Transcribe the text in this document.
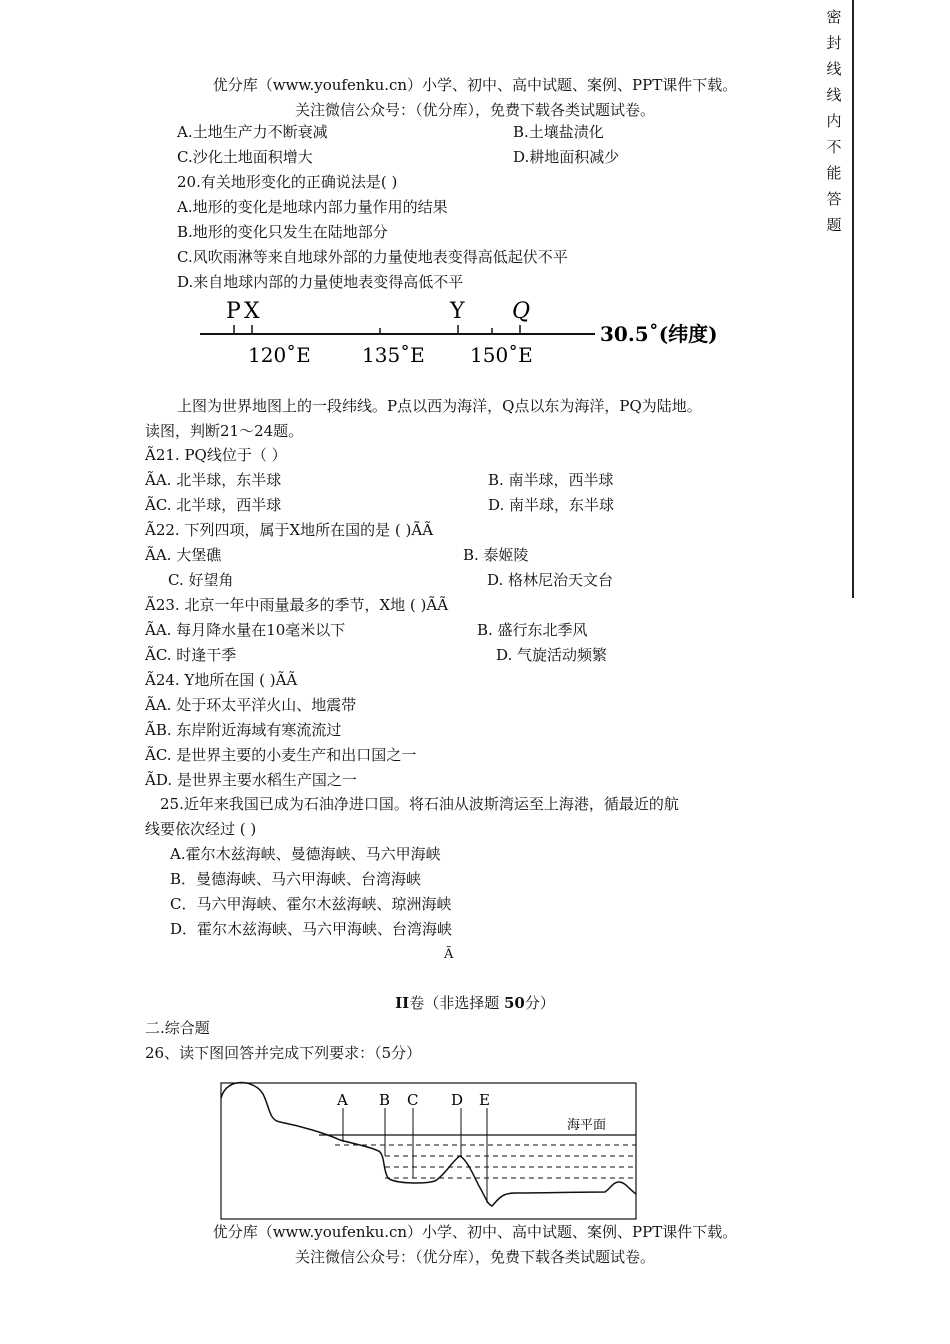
密
封
线
线
内
不
能
答
题
优分库（www.youfenku.cn）小学、初中、高中试题、案例、PPT课件下载。
关注微信公众号：（优分库），免费下载各类试题试卷。
A.土地生产力不断衰减	B.土壤盐渍化
C.沙化土地面积增大	D.耕地面积减少
20.有关地形变化的正确说法是( )
A.地形的变化是地球内部力量作用的结果
B.地形的变化只发生在陆地部分
C.风吹雨淋等来自地球外部的力量使地表变得高低起伏不平
D.来自地球内部的力量使地表变得高低不平
P X	Y Q
120˚E	135˚E 150˚E
30.5˚(纬度)
上图为世界地图上的一段纬线。P点以西为海洋，Q点以东为海洋，PQ为陆地。
读图，判断21～24题。
Ã21. PQ线位于（ ）
ÃA. 北半球，东半球	B. 南半球，西半球
ÃC. 北半球，西半球	D. 南半球，东半球
Ã22. 下列四项，属于X地所在国的是 ( )ÃÃ
ÃA. 大堡礁	B. 泰姬陵
C. 好望角	D. 格林尼治天文台
Ã23. 北京一年中雨量最多的季节，X地 ( )ÃÃ
ÃA. 每月降水量在10毫米以下	B. 盛行东北季风
ÃC. 时逢干季	D. 气旋活动频繁
Ã24. Y地所在国 ( )ÃÃ
ÃA. 处于环太平洋火山、地震带
ÃB. 东岸附近海域有寒流流过
ÃC. 是世界主要的小麦生产和出口国之一
ÃD. 是世界主要水稻生产国之一
25.近年来我国已成为石油净进口国。将石油从波斯湾运至上海港，循最近的航
线要依次经过 ( )
A.霍尔木兹海峡、曼德海峡、马六甲海峡
B．曼德海峡、马六甲海峡、台湾海峡
C．马六甲海峡、霍尔木兹海峡、琼洲海峡
D．霍尔木兹海峡、马六甲海峡、台湾海峡
Ã
II卷（非选择题 50分）
二.综合题
26、读下图回答并完成下列要求：（5分）
A B C D E
海平面
优分库（www.youfenku.cn）小学、初中、高中试题、案例、PPT课件下载。
关注微信公众号：（优分库），免费下载各类试题试卷。
